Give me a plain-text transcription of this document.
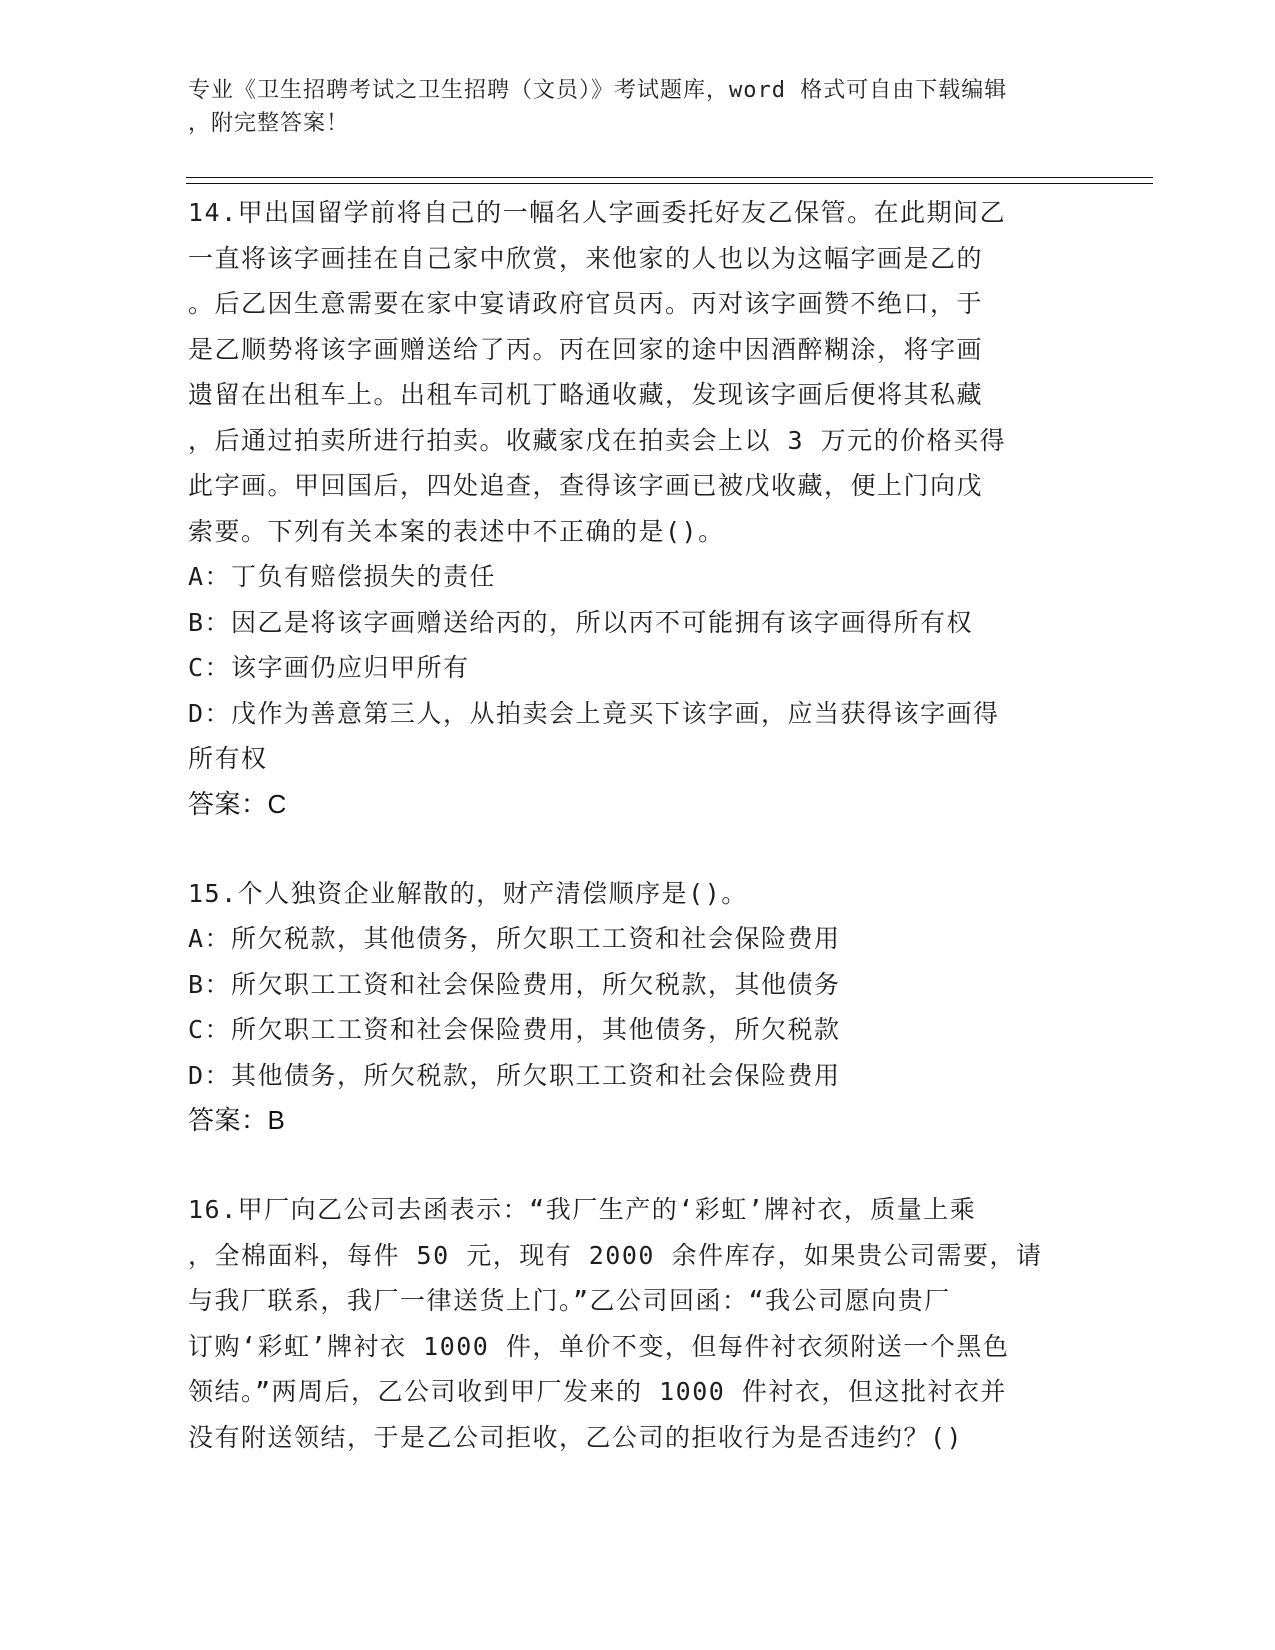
专业《卫生招聘考试之卫生招聘（文员）》考试题库，word 格式可自由下载编辑
，附完整答案！
14.甲出国留学前将自己的一幅名人字画委托好友乙保管。在此期间乙
一直将该字画挂在自己家中欣赏，来他家的人也以为这幅字画是乙的
。后乙因生意需要在家中宴请政府官员丙。丙对该字画赞不绝口，于
是乙顺势将该字画赠送给了丙。丙在回家的途中因酒醉糊涂，将字画
遗留在出租车上。出租车司机丁略通收藏，发现该字画后便将其私藏
，后通过拍卖所进行拍卖。收藏家戊在拍卖会上以 3 万元的价格买得
此字画。甲回国后，四处追查，查得该字画已被戊收藏，便上门向戊
索要。下列有关本案的表述中不正确的是()。
A：丁负有赔偿损失的责任
B：因乙是将该字画赠送给丙的，所以丙不可能拥有该字画得所有权
C：该字画仍应归甲所有
D：戊作为善意第三人，从拍卖会上竟买下该字画，应当获得该字画得
所有权
答案：C
15.个人独资企业解散的，财产清偿顺序是()。
A：所欠税款，其他债务，所欠职工工资和社会保险费用
B：所欠职工工资和社会保险费用，所欠税款，其他债务
C：所欠职工工资和社会保险费用，其他债务，所欠税款
D：其他债务，所欠税款，所欠职工工资和社会保险费用
答案：B
16.甲厂向乙公司去函表示：“我厂生产的‘彩虹’牌衬衣，质量上乘
，全棉面料，每件 50 元，现有 2000 余件库存，如果贵公司需要，请
与我厂联系，我厂一律送货上门。”乙公司回函：“我公司愿向贵厂
订购‘彩虹’牌衬衣 1000 件，单价不变，但每件衬衣须附送一个黑色
领结。”两周后，乙公司收到甲厂发来的 1000 件衬衣，但这批衬衣并
没有附送领结，于是乙公司拒收，乙公司的拒收行为是否违约？()
